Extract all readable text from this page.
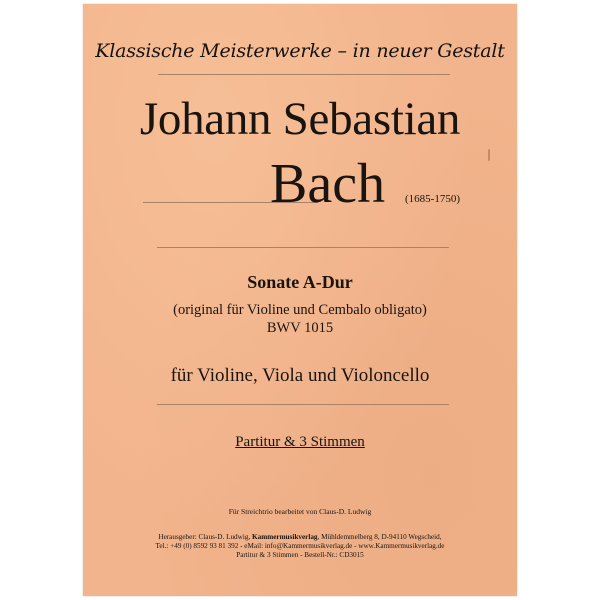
Klassische Meisterwerke – in neuer Gestalt
Johann Sebastian
Bach (1685-1750)
Sonate A-Dur
(original für Violine und Cembalo obligato)
BWV 1015
für Violine, Viola und Violoncello
Partitur & 3 Stimmen
Für Streichtrio bearbeitet von Claus-D. Ludwig
Herausgeber: Claus-D. Ludwig, Kammermusikverlag, Mühldemmelberg 8, D-94110 Wegscheid,
Tel.: +49 (0) 8592 93 81 392 - eMail: info@Kammermusikverlag.de - www.Kammermusikverlag.de
Partitur & 3 Stimmen - Bestell-Nr.: CD3015
